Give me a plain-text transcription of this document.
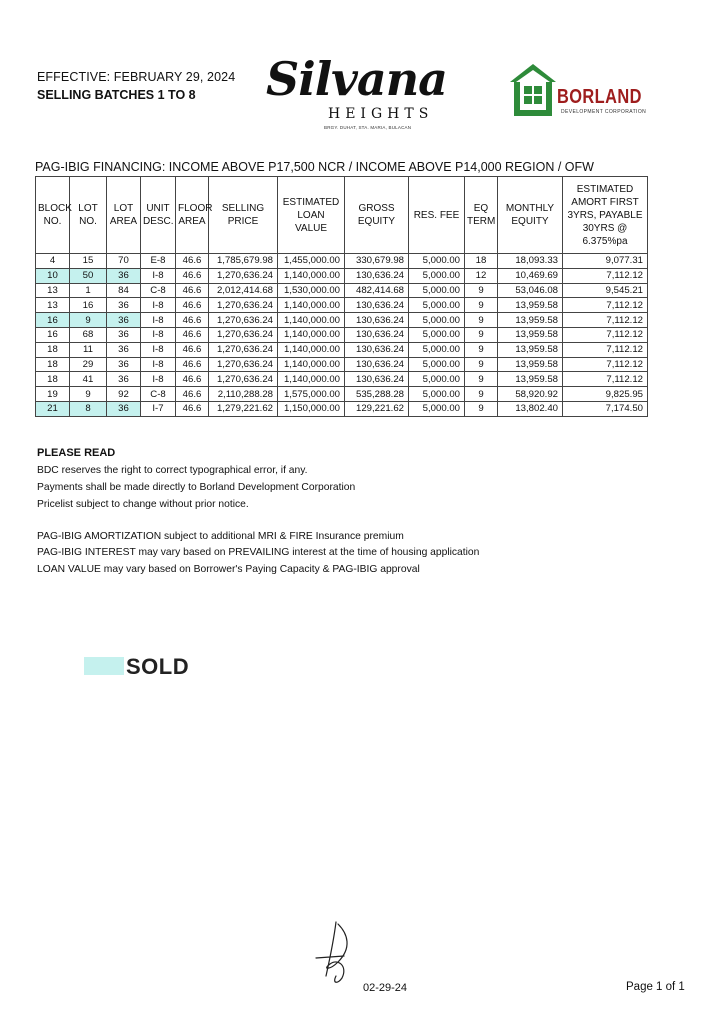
EFFECTIVE: FEBRUARY 29, 2024
SELLING BATCHES 1 TO 8 Silvana
HEIGHTS
BRGY. DUHAT, STA. MARIA, BULACAN
BORLAND
DEVELOPMENT CORPORATION
PAG-IBIG FINANCING: INCOME ABOVE P17,500 NCR / INCOME ABOVE P14,000 REGION / OFW
BLOCK NO.	LOT NO.	LOT AREA	UNIT DESC.	FLOOR AREA	SELLING PRICE	ESTIMATED LOAN VALUE	GROSS EQUITY	RES. FEE	EQ TERM	MONTHLY EQUITY	ESTIMATED AMORT FIRST 3YRS, PAYABLE 30YRS @ 6.375%pa
4	15	70	E-8	46.6	1,785,679.98	1,455,000.00	330,679.98	5,000.00	18	18,093.33	9,077.31
10	50	36	I-8	46.6	1,270,636.24	1,140,000.00	130,636.24	5,000.00	12	10,469.69	7,112.12
13	1	84	C-8	46.6	2,012,414.68	1,530,000.00	482,414.68	5,000.00	9	53,046.08	9,545.21
13	16	36	I-8	46.6	1,270,636.24	1,140,000.00	130,636.24	5,000.00	9	13,959.58	7,112.12
16	9	36	I-8	46.6	1,270,636.24	1,140,000.00	130,636.24	5,000.00	9	13,959.58	7,112.12
16	68	36	I-8	46.6	1,270,636.24	1,140,000.00	130,636.24	5,000.00	9	13,959.58	7,112.12
18	11	36	I-8	46.6	1,270,636.24	1,140,000.00	130,636.24	5,000.00	9	13,959.58	7,112.12
18	29	36	I-8	46.6	1,270,636.24	1,140,000.00	130,636.24	5,000.00	9	13,959.58	7,112.12
18	41	36	I-8	46.6	1,270,636.24	1,140,000.00	130,636.24	5,000.00	9	13,959.58	7,112.12
19	9	92	C-8	46.6	2,110,288.28	1,575,000.00	535,288.28	5,000.00	9	58,920.92	9,825.95
21	8	36	I-7	46.6	1,279,221.62	1,150,000.00	129,221.62	5,000.00	9	13,802.40	7,174.50
PLEASE READ
BDC reserves the right to correct typographical error, if any.
Payments shall be made directly to Borland Development Corporation
Pricelist subject to change without prior notice.
PAG-IBIG AMORTIZATION subject to additional MRI & FIRE Insurance premium
PAG-IBIG INTEREST may vary based on PREVAILING interest at the time of housing application
LOAN VALUE may vary based on Borrower's Paying Capacity & PAG-IBIG approval
SOLD
02-29-24	Page 1 of 1
